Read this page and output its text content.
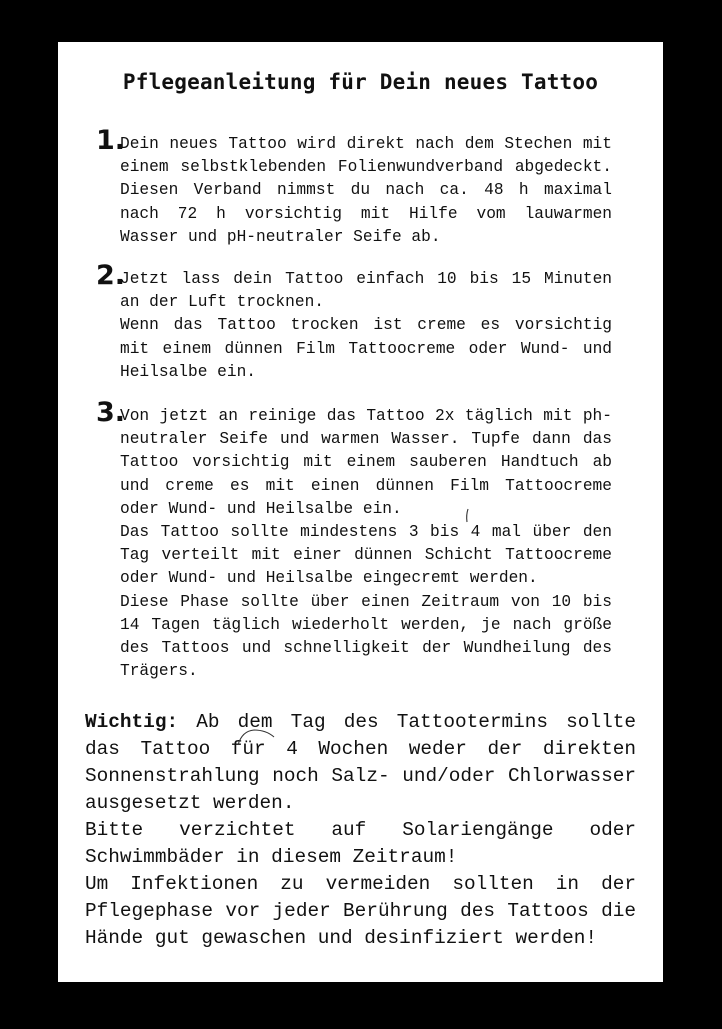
Pflegeanleitung für Dein neues Tattoo
1.

Dein neues Tattoo wird direkt nach dem Stechen mit einem selbstklebenden Folienwundverband abgedeckt. Diesen Verband nimmst du nach ca. 48 h maximal nach 72 h vorsichtig mit Hilfe vom lauwarmen Wasser und pH-neutraler Seife ab.

2.

Jetzt lass dein Tattoo einfach 10 bis 15 Minuten an der Luft trocknen.

Wenn das Tattoo trocken ist creme es vorsichtig mit einem dünnen Film Tattoocreme oder Wund- und Heilsalbe ein.

3.

Von jetzt an reinige das Tattoo 2x täglich mit ph-neutraler Seife und warmen Wasser. Tupfe dann das Tattoo vorsichtig mit einem sauberen Handtuch ab und creme es mit einen dünnen Film Tattoocreme oder Wund- und Heilsalbe ein.

Das Tattoo sollte mindestens 3 bis 4 mal über den Tag verteilt mit einer dünnen Schicht Tattoocreme oder Wund- und Heilsalbe eingecremt werden.

Diese Phase sollte über einen Zeitraum von 10 bis 14 Tagen täglich wiederholt werden, je nach größe des Tattoos und schnelligkeit der Wundheilung des Trägers.

Wichtig: Ab dem Tag des Tattootermins sollte das Tattoo für 4 Wochen weder der direkten Sonnenstrahlung noch Salz- und/oder Chlorwasser ausgesetzt werden.

Bitte verzichtet auf Solariengänge oder Schwimmbäder in diesem Zeitraum!

Um Infektionen zu vermeiden sollten in der Pflegephase vor jeder Berührung des Tattoos die Hände gut gewaschen und desinfiziert werden!
